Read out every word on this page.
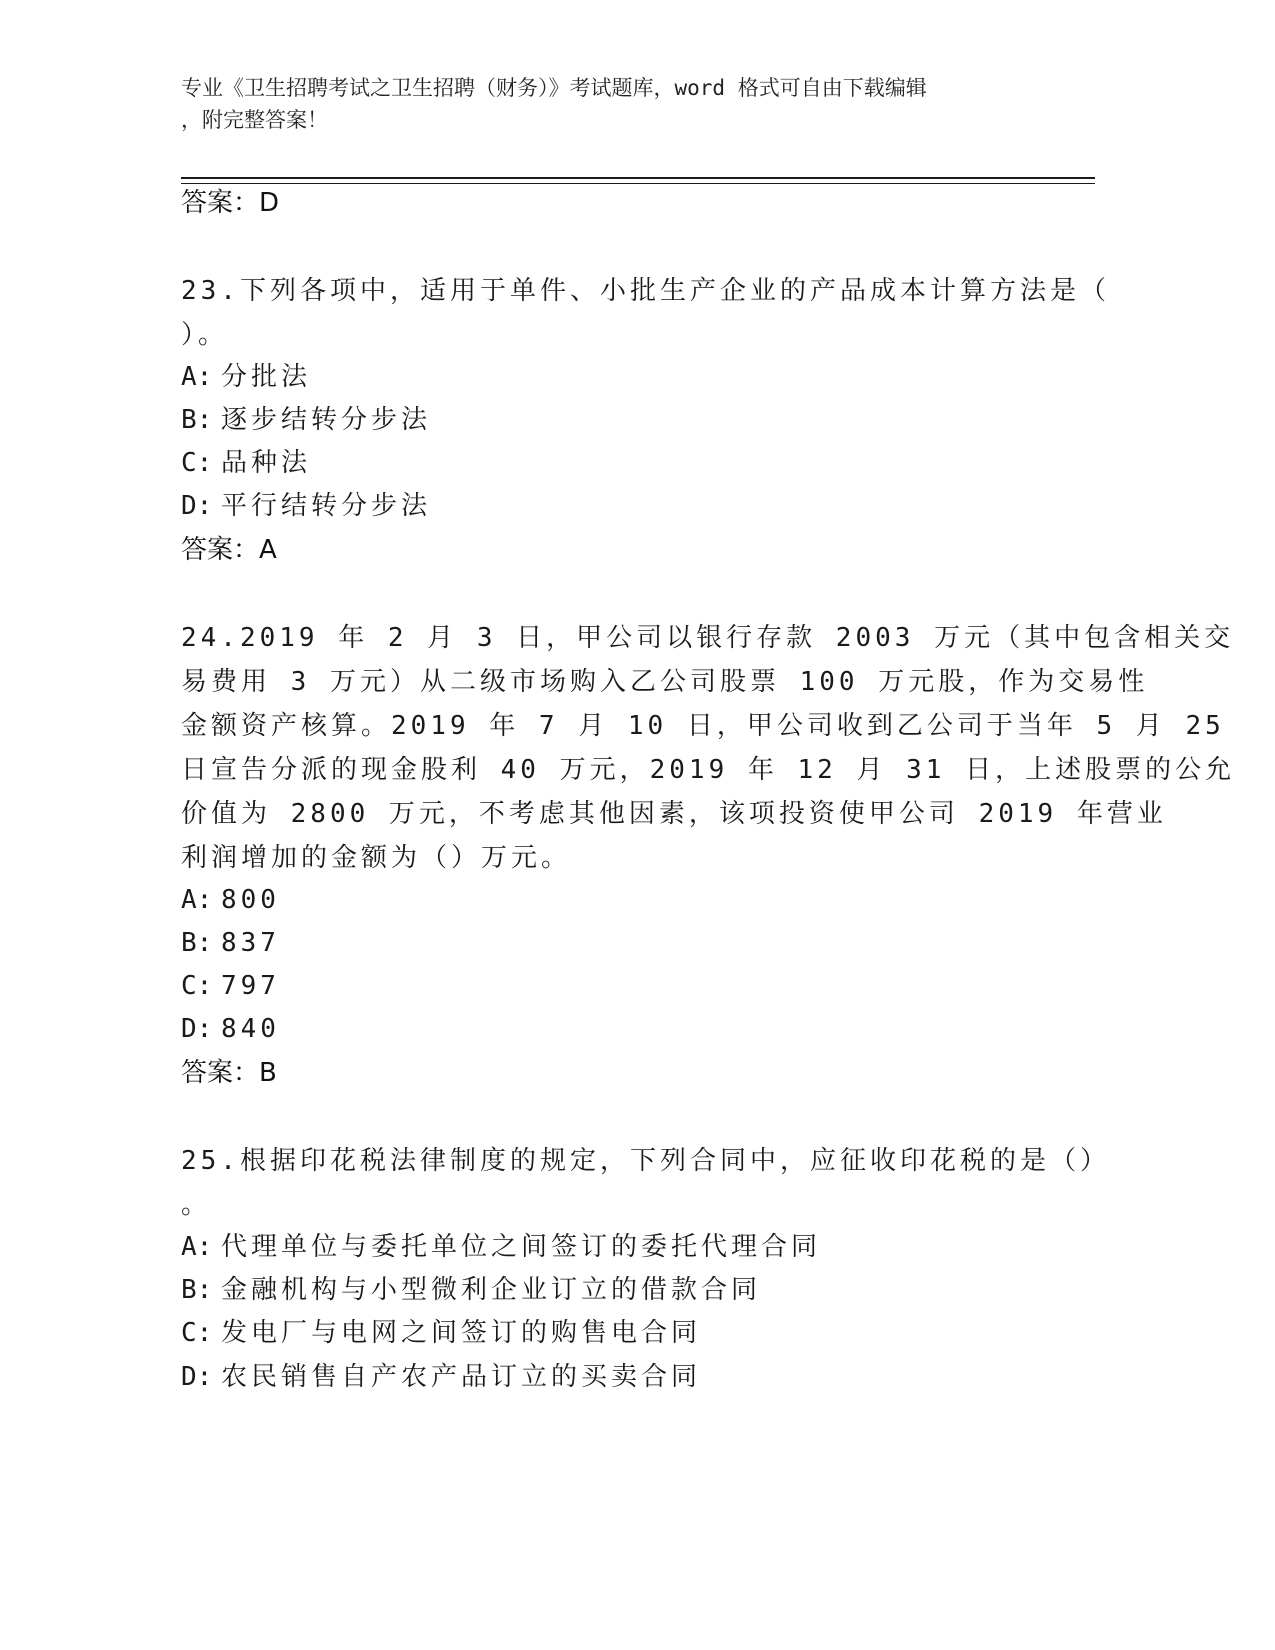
专业《卫生招聘考试之卫生招聘（财务）》考试题库，word 格式可自由下载编辑
，附完整答案！
答案：D
23.下列各项中，适用于单件、小批生产企业的产品成本计算方法是（
）。
A: 分批法
B: 逐步结转分步法
C: 品种法
D: 平行结转分步法
答案：A
24.2019 年 2 月 3 日，甲公司以银行存款 2003 万元（其中包含相关交
易费用 3 万元）从二级市场购入乙公司股票 100 万元股，作为交易性
金额资产核算。2019 年 7 月 10 日，甲公司收到乙公司于当年 5 月 25
日宣告分派的现金股利 40 万元，2019 年 12 月 31 日，上述股票的公允
价值为 2800 万元，不考虑其他因素，该项投资使甲公司 2019 年营业
利润增加的金额为（）万元。
A: 800
B: 837
C: 797
D: 840
答案：B
25.根据印花税法律制度的规定，下列合同中，应征收印花税的是（）
。
A: 代理单位与委托单位之间签订的委托代理合同
B: 金融机构与小型微利企业订立的借款合同
C: 发电厂与电网之间签订的购售电合同
D: 农民销售自产农产品订立的买卖合同
